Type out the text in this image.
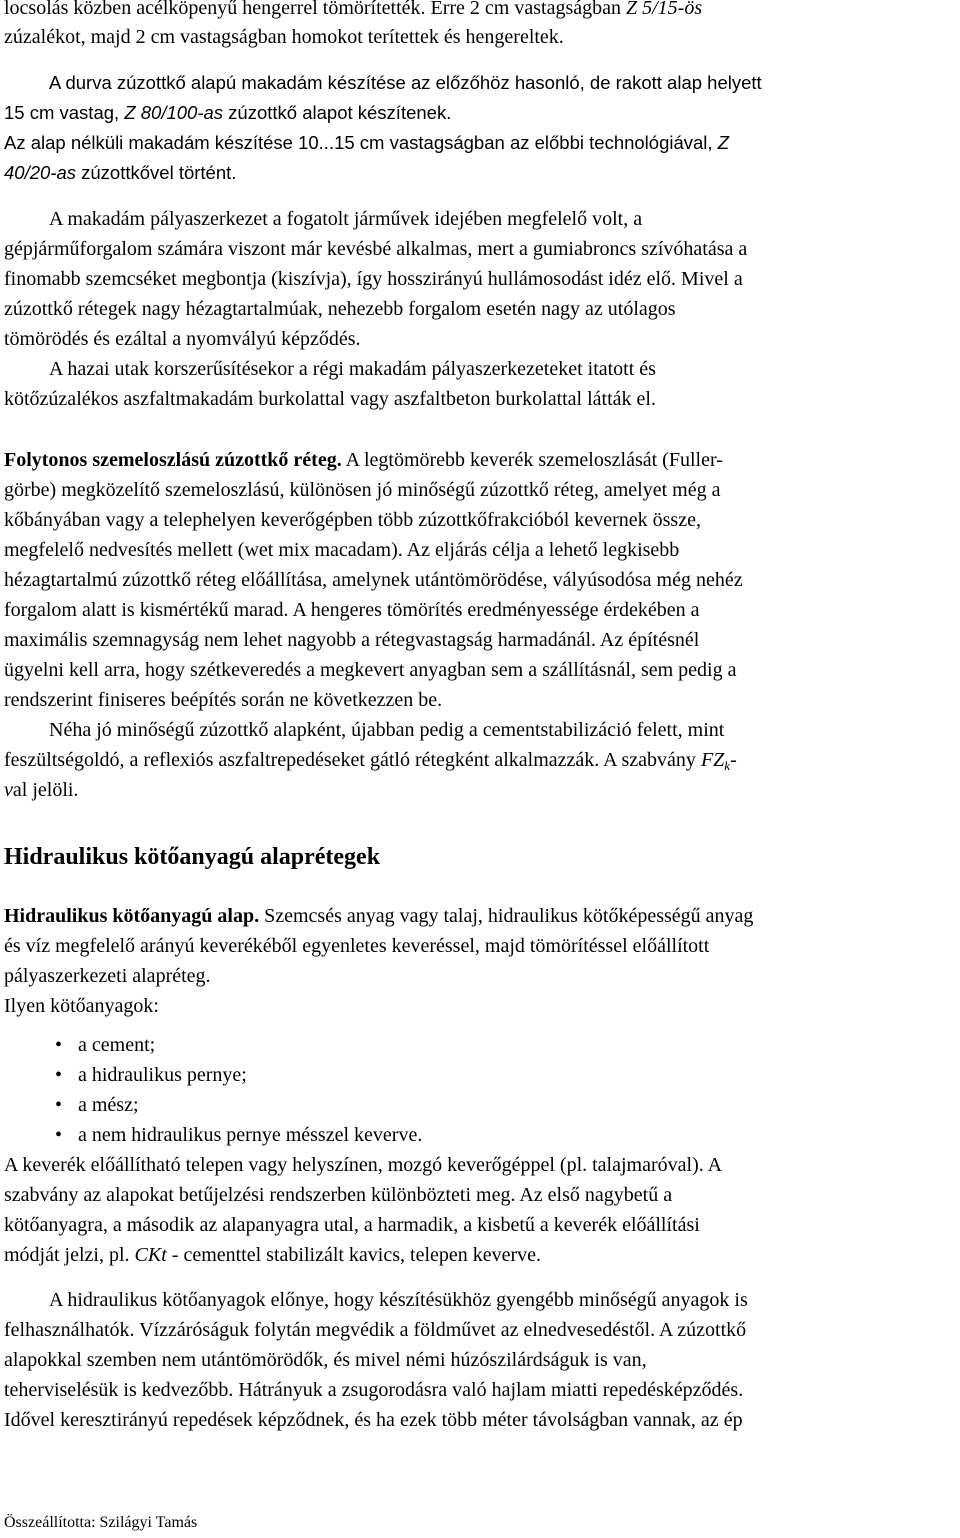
locsolás közben acélköpenyű hengerrel tömörítették. Erre 2 cm vastagságban Z 5/15-ös
zúzalékot, majd 2 cm vastagságban homokot terítettek és hengereltek.
A durva zúzottkő alapú makadám készítése az előzőhöz hasonló, de rakott alap helyett
15 cm vastag, Z 80/100-as zúzottkő alapot készítenek.
Az alap nélküli makadám készítése 10...15 cm vastagságban az előbbi technológiával, Z
40/20-as zúzottkővel történt.
A makadám pályaszerkezet a fogatolt járművek idejében megfelelő volt, a
gépjárműforgalom számára viszont már kevésbé alkalmas, mert a gumiabroncs szívóhatása a
finomabb szemcséket megbontja (kiszívja), így hosszirányú hullámosodást idéz elő. Mivel a
zúzottkő rétegek nagy hézagtartalmúak, nehezebb forgalom esetén nagy az utólagos
tömörödés és ezáltal a nyomvályú képződés.
A hazai utak korszerűsítésekor a régi makadám pályaszerkezeteket itatott és
kötőzúzalékos aszfaltmakadám burkolattal vagy aszfaltbeton burkolattal látták el.
Folytonos szemeloszlású zúzottkő réteg. A legtömörebb keverék szemeloszlását (Fuller-
görbe) megközelítő szemeloszlású, különösen jó minőségű zúzottkő réteg, amelyet még a
kőbányában vagy a telephelyen keverőgépben több zúzottkőfrakcióból kevernek össze,
megfelelő nedvesítés mellett (wet mix macadam). Az eljárás célja a lehető legkisebb
hézagtartalmú zúzottkő réteg előállítása, amelynek utántömörödése, vályúsodósa még nehéz
forgalom alatt is kismértékű marad. A hengeres tömörítés eredményessége érdekében a
maximális szemnagyság nem lehet nagyobb a rétegvastagság harmadánál. Az építésnél
ügyelni kell arra, hogy szétkeveredés a megkevert anyagban sem a szállításnál, sem pedig a
rendszerint finiseres beépítés során ne következzen be.
Néha jó minőségű zúzottkő alapként, újabban pedig a cementstabilizáció felett, mint
feszültségoldó, a reflexiós aszfaltrepedéseket gátló rétegként alkalmazzák. A szabvány $FZ_k-$
val jelöli.
Hidraulikus kötőanyagú alaprétegek
Hidraulikus kötőanyagú alap. Szemcsés anyag vagy talaj, hidraulikus kötőképességű anyag
és víz megfelelő arányú keverékéből egyenletes keveréssel, majd tömörítéssel előállított
pályaszerkezeti alapréteg.
Ilyen kötőanyagok:
• a cement;
• a hidraulikus pernye;
• a mész;
• a nem hidraulikus pernye mésszel keverve.
A keverék előállítható telepen vagy helyszínen, mozgó keverőgéppel (pl. talajmaróval). A
szabvány az alapokat betűjelzési rendszerben különbözteti meg. Az első nagybetű a
kötőanyagra, a második az alapanyagra utal, a harmadik, a kisbetű a keverék előállítási
módját jelzi, pl. CKt - cementtel stabilizált kavics, telepen keverve.
A hidraulikus kötőanyagok előnye, hogy készítésükhöz gyengébb minőségű anyagok is
felhasználhatók. Vízzáróságuk folytán megvédik a földművet az elnedvesedéstől. A zúzottkő
alapokkal szemben nem utántömörödők, és mivel némi húzószilárdságuk is van,
teherviselésük is kedvezőbb. Hátrányuk a zsugorodásra való hajlam miatti repedésképződés.
Idővel keresztirányú repedések képződnek, és ha ezek több méter távolságban vannak, az ép
Összeállította: Szilágyi Tamás
